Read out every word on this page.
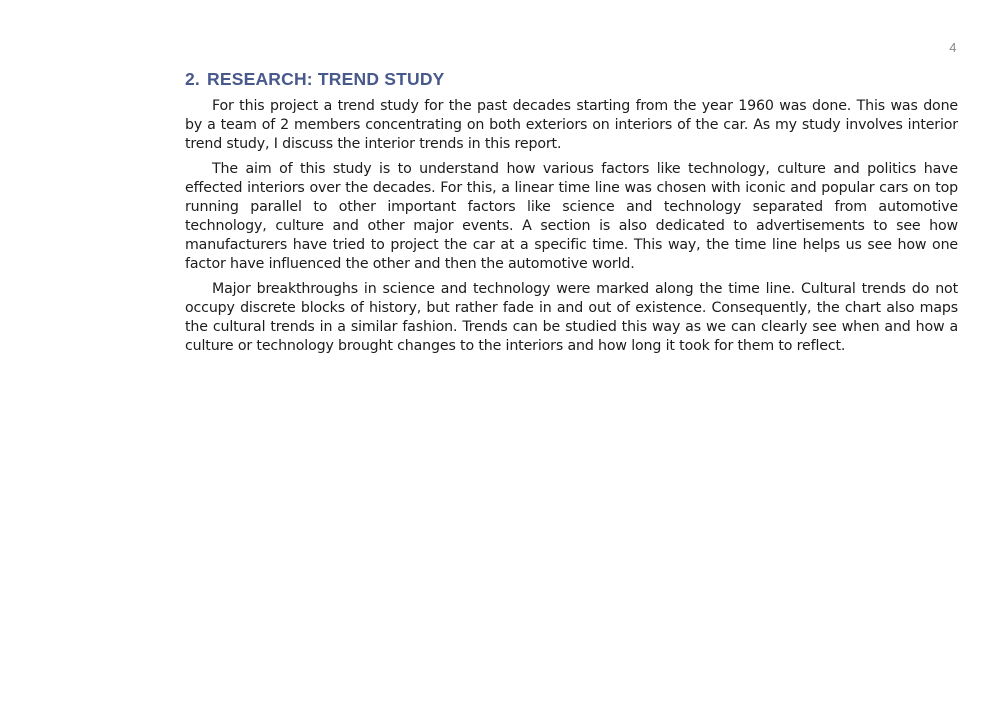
4
2. RESEARCH: TREND STUDY

For this project a trend study for the past decades starting from the year 1960 was done. This was done by a team of 2 members concentrating on both exteriors on interiors of the car. As my study involves interior trend study, I discuss the interior trends in this report.

The aim of this study is to understand how various factors like technology, culture and politics have effected interiors over the decades. For this, a linear time line was chosen with iconic and popular cars on top running parallel to other important factors like science and technology separated from automotive technology, culture and other major events. A section is also dedicated to advertisements to see how manufacturers have tried to project the car at a specific time. This way, the time line helps us see how one factor have influenced the other and then the automotive world.

Major breakthroughs in science and technology were marked along the time line. Cultural trends do not occupy discrete blocks of history, but rather fade in and out of existence. Consequently, the chart also maps the cultural trends in a similar fashion. Trends can be studied this way as we can clearly see when and how a culture or technology brought changes to the interiors and how long it took for them to reflect.
